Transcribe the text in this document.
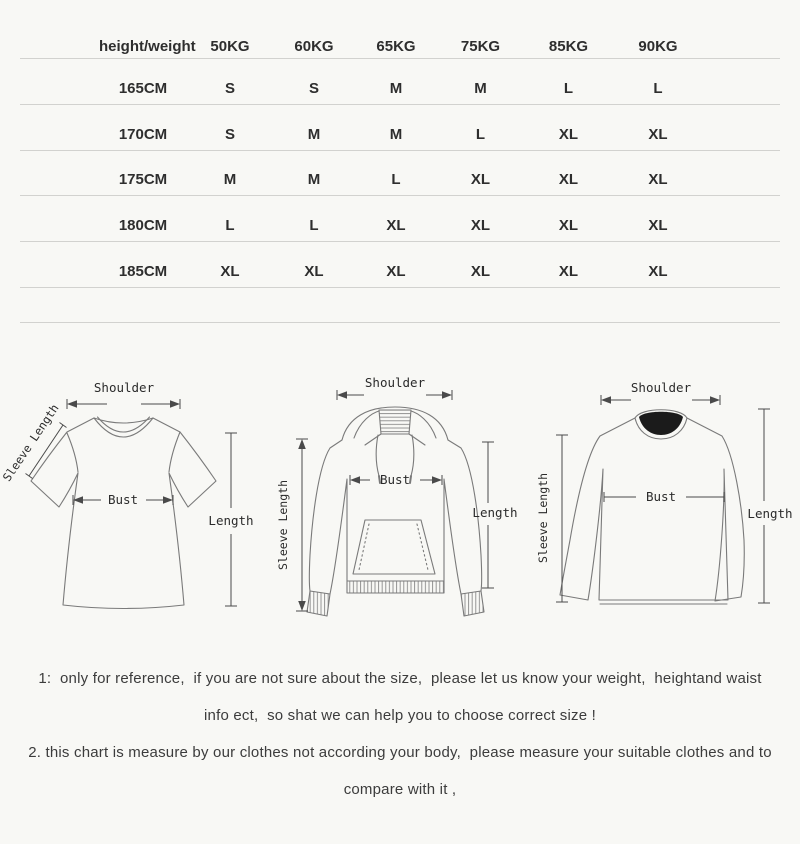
height/weight 50KG	60KG	65KG	75KG	85KG	90KG
165CM	S	S	M	M	L	L
170CM	S	M	M	L	XL	XL
175CM	M	M	L	XL	XL	XL
180CM	L	L	XL	XL	XL	XL
185CM	XL	XL	XL	XL	XL	XL
Shoulder
Sleeve Length
Bust
Length
Shoulder
Sleeve Length
Bust
Length
Shoulder
Sleeve Length	Bust
Length
1:  only for reference,  if you are not sure about the size,  please let us know your weight,  heightand waist
info ect,  so shat we can help you to choose correct size !
2. this chart is measure by our clothes not according your body,  please measure your suitable clothes and to
compare with it ,
